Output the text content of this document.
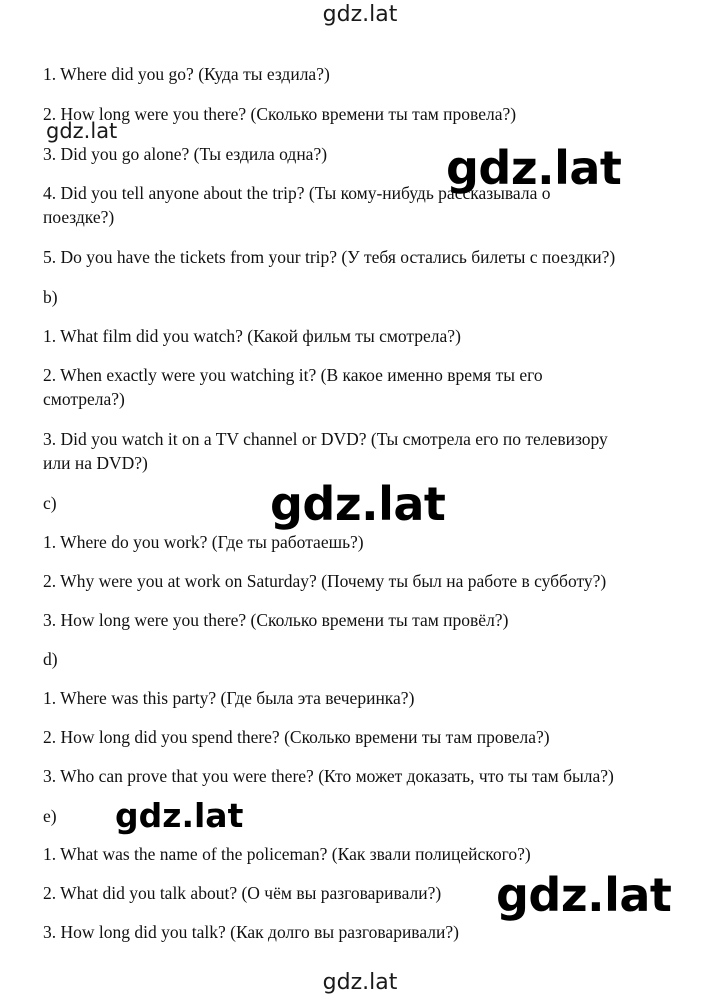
gdz.lat

1. Where did you go? (Куда ты ездила?)

2. How long were you there? (Сколько времени ты там провела?)

3. Did you go alone? (Ты ездила одна?)

4. Did you tell anyone about the trip? (Ты кому-нибудь рассказывала о

поездке?)

5. Do you have the tickets from your trip? (У тебя остались билеты с поездки?)

b)

1. What film did you watch? (Какой фильм ты смотрела?)

2. When exactly were you watching it? (В какое именно время ты его

смотрела?)

3. Did you watch it on a TV channel or DVD? (Ты смотрела его по телевизору

или на DVD?)

c)

1. Where do you work? (Где ты работаешь?)

2. Why were you at work on Saturday? (Почему ты был на работе в субботу?)

3. How long were you there? (Сколько времени ты там провёл?)

d)

1. Where was this party? (Где была эта вечеринка?)

2. How long did you spend there? (Сколько времени ты там провела?)

3. Who can prove that you were there? (Кто может доказать, что ты там была?)

e)

1. What was the name of the policeman? (Как звали полицейского?)

2. What did you talk about? (О чём вы разговаривали?)

3. How long did you talk? (Как долго вы разговаривали?)

gdz.lat
gdz.lat
gdz.lat
gdz.lat
gdz.lat
gdz.lat
